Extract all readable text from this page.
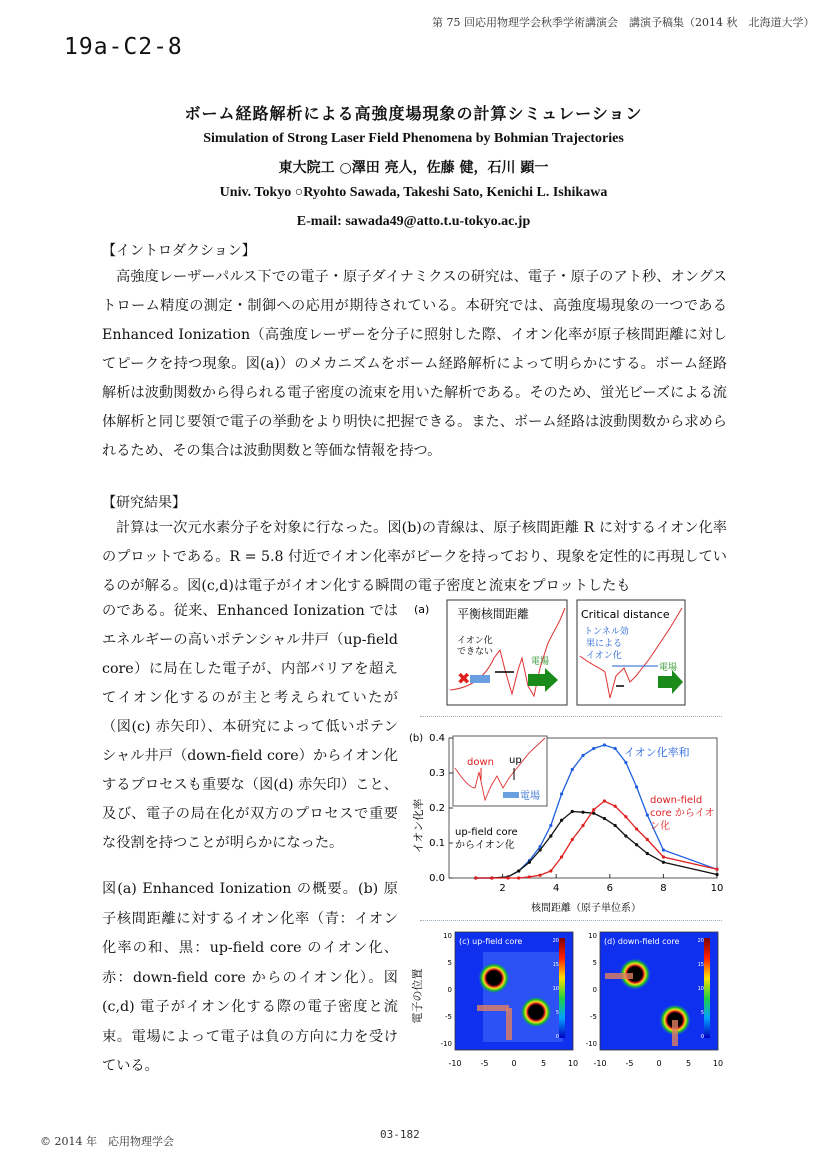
第 75 回応用物理学会秋季学術講演会　講演予稿集（2014 秋　北海道大学）
19a-C2-8
ボーム経路解析による高強度場現象の計算シミュレーション
Simulation of Strong Laser Field Phenomena by Bohmian Trajectories
東大院工 ○澤田 亮人，佐藤 健，石川 顕一
Univ. Tokyo ○Ryohto Sawada, Takeshi Sato, Kenichi L. Ishikawa
E-mail: sawada49@atto.t.u-tokyo.ac.jp
【イントロダクション】
高強度レーザーパルス下での電子・原子ダイナミクスの研究は、電子・原子のアト秒、オングストローム精度の測定・制御への応用が期待されている。本研究では、高強度場現象の一つである Enhanced Ionization（高強度レーザーを分子に照射した際、イオン化率が原子核間距離に対してピークを持つ現象。図(a)）のメカニズムをボーム経路解析によって明らかにする。ボーム経路解析は波動関数から得られる電子密度の流束を用いた解析である。そのため、蛍光ビーズによる流体解析と同じ要領で電子の挙動をより明快に把握できる。また、ボーム経路は波動関数から求められるため、その集合は波動関数と等価な情報を持つ。
【研究結果】
計算は一次元水素分子を対象に行なった。図(b)の青線は、原子核間距離 R に対するイオン化率のプロットである。R = 5.8 付近でイオン化率がピークを持っており、現象を定性的に再現しているのが解る。図(c,d)は電子がイオン化する瞬間の電子密度と流束をプロットしたも
のである。従来、Enhanced Ionization ではエネルギーの高いポテンシャル井戸（up-field core）に局在した電子が、内部バリアを超えてイオン化するのが主と考えられていたが（図(c) 赤矢印）、本研究によって低いポテンシャル井戸（down-field core）からイオン化するプロセスも重要な（図(d) 赤矢印）こと、及び、電子の局在化が双方のプロセスで重要な役割を持つことが明らかになった。
図(a) Enhanced Ionization の概要。(b) 原子核間距離に対するイオン化率（青：イオン化率の和、黒：up-field core のイオン化、赤：down-field core からのイオン化）。図(c,d) 電子がイオン化する際の電子密度と流束。電場によって電子は負の方向に力を受けている。
(a) 平衡核間距離
イオン化
できない
✖
電場
Critical distance
トンネル効
果による
イオン化
電場
(b)
イオン化率
核間距離（原子単位系）
2	4	6	8	10
0.0
0.1
0.2
0.3
0.4
down up
電場
イオン化率和
down-field
core からイオ
ン化
up-field core
からイオン化
電子の位置
(c) up-field core	(d) down-field core
-10 -5	0	5	10
10
5
0
-5
-10
20
15
10
5
0
-10 -5	0	5	10
10
5
0
-5
-10
20
15
10
5
0
© 2014 年　応用物理学会
03-182
